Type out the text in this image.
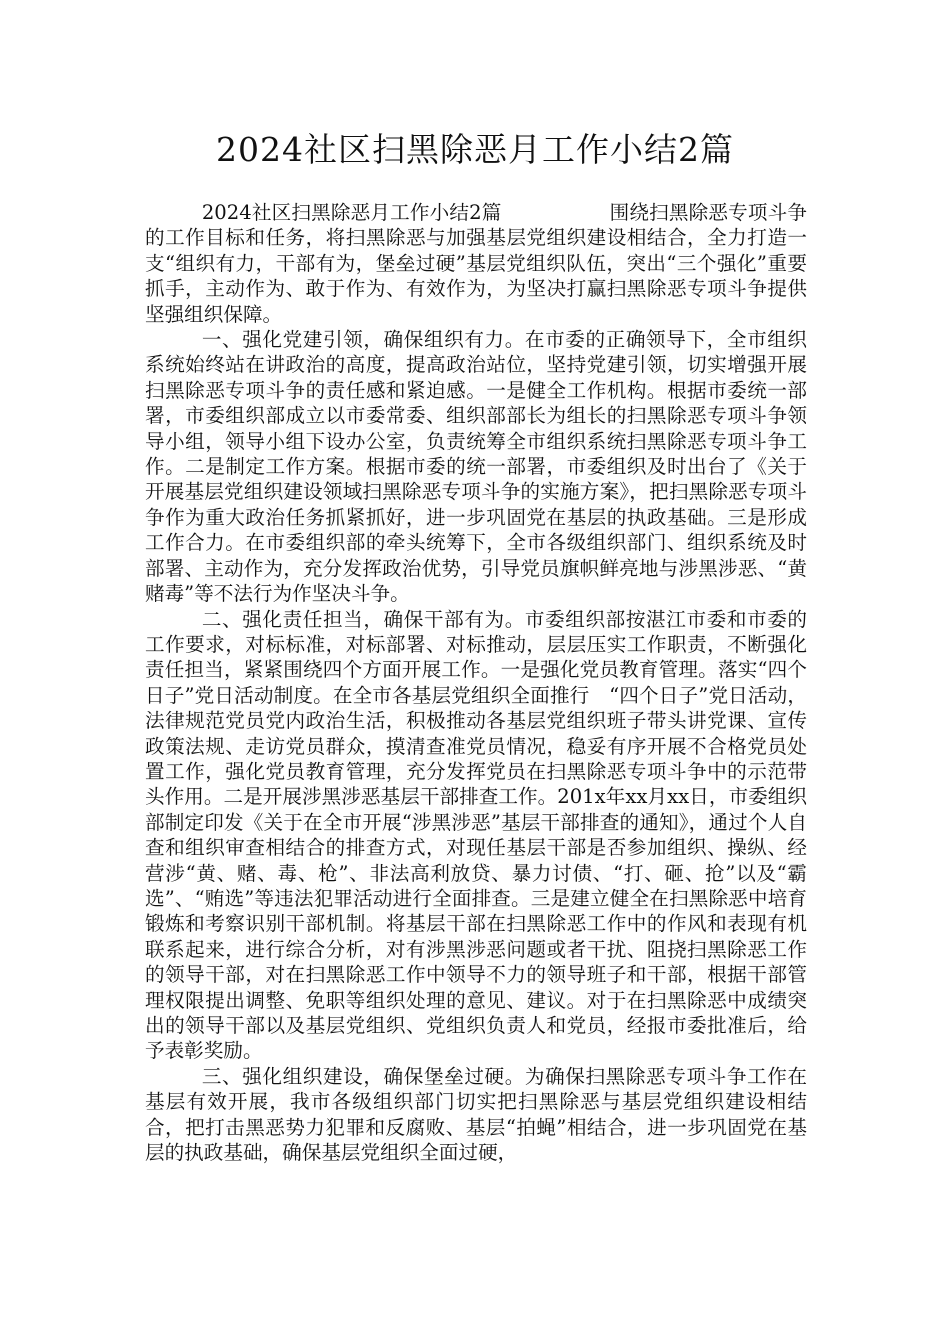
2024社区扫黑除恶月工作小结2篇

2024社区扫黑除恶月工作小结2篇	围绕扫黑除恶专项斗争的工作目标和任务，将扫黑除恶与加强基层党组织建设相结合，全力打造一支“组织有力，干部有为，堡垒过硬”基层党组织队伍，突出“三个强化”重要抓手，主动作为、敢于作为、有效作为，为坚决打赢扫黑除恶专项斗争提供坚强组织保障。

一、强化党建引领，确保组织有力。在市委的正确领导下，全市组织系统始终站在讲政治的高度，提高政治站位，坚持党建引领，切实增强开展扫黑除恶专项斗争的责任感和紧迫感。一是健全工作机构。根据市委统一部署，市委组织部成立以市委常委、组织部部长为组长的扫黑除恶专项斗争领导小组，领导小组下设办公室，负责统筹全市组织系统扫黑除恶专项斗争工作。二是制定工作方案。根据市委的统一部署，市委组织及时出台了《关于开展基层党组织建设领域扫黑除恶专项斗争的实施方案》，把扫黑除恶专项斗争作为重大政治任务抓紧抓好，进一步巩固党在基层的执政基础。三是形成工作合力。在市委组织部的牵头统筹下，全市各级组织部门、组织系统及时部署、主动作为，充分发挥政治优势，引导党员旗帜鲜亮地与涉黑涉恶、“黄赌毒”等不法行为作坚决斗争。

二、强化责任担当，确保干部有为。市委组织部按湛江市委和市委的工作要求，对标标准，对标部署、对标推动，层层压实工作职责，不断强化责任担当，紧紧围绕四个方面开展工作。一是强化党员教育管理。落实“四个日子”党日活动制度。在全市各基层党组织全面推行　“四个日子”党日活动，法律规范党员党内政治生活，积极推动各基层党组织班子带头讲党课、宣传政策法规、走访党员群众，摸清查准党员情况，稳妥有序开展不合格党员处置工作，强化党员教育管理，充分发挥党员在扫黑除恶专项斗争中的示范带头作用。二是开展涉黑涉恶基层干部排查工作。201x年xx月xx日，市委组织部制定印发《关于在全市开展“涉黑涉恶”基层干部排查的通知》，通过个人自查和组织审查相结合的排查方式，对现任基层干部是否参加组织、操纵、经营涉“黄、赌、毒、枪”、非法高利放贷、暴力讨债、“打、砸、抢”以及“霸选”、“贿选”等违法犯罪活动进行全面排查。三是建立健全在扫黑除恶中培育锻炼和考察识别干部机制。将基层干部在扫黑除恶工作中的作风和表现有机联系起来，进行综合分析，对有涉黑涉恶问题或者干扰、阻挠扫黑除恶工作的领导干部，对在扫黑除恶工作中领导不力的领导班子和干部，根据干部管理权限提出调整、免职等组织处理的意见、建议。对于在扫黑除恶中成绩突出的领导干部以及基层党组织、党组织负责人和党员，经报市委批准后，给予表彰奖励。

三、强化组织建设，确保堡垒过硬。为确保扫黑除恶专项斗争工作在基层有效开展，我市各级组织部门切实把扫黑除恶与基层党组织建设相结合，把打击黑恶势力犯罪和反腐败、基层“拍蝇”相结合，进一步巩固党在基层的执政基础，确保基层党组织全面过硬，
